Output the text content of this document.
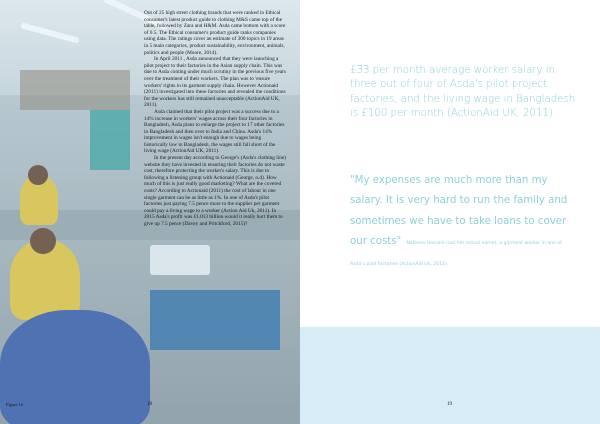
Out of 25 high street clothing brands that were ranked in Ethical consumer's latest product guide to clothing M&S came top of the table, followed by Zara and H&M. Asda came bottom with a score of 0.5. The Ethical consumer's product guide ranks companies using data. The ratings cover an estimate of 300 topics in 19 areas in 5 main categories, product sustainability, environment, animals, politics and people (Moore, 2014).

In April 2011 , Asda announced that they were launching a pilot project to their factories in the Asian supply chain. This was due to Asda coming under much scrutiny in the previous five years over the treatment of their workers. The plan was to 'ensure workers' rights in its garment supply chain. However Actionaid (2011) investigated into these factories and revealed the conditions for the workers has still remained unacceptable (ActionAid UK, 2011).

Asda claimed that their pilot project was a success due to a 14% increase in workers' wages across their four factories in Bangladesh, Asda plans to enlarge the project to 17 other factories in Bangladesh and then over to India and China. Asda's 14% improvement in wages isn't enough due to wages being historically low in Bangladesh, the wages still fall short of the living wage (ActionAid UK, 2011).

In the present day according to George's (Asda's clothing line) website they have invested in ensuring their factories do not waste cost, therefore protecting the worker's salary. This is due to following a listening group with Actionaid (George, n.d). How much of this is just really good marketing? What are the covered costs? According to Actionaid (2011) the cost of labour in one single garment can be as little as 1%. In one of Asda's pilot factories just paying 7.5 pence more to the supplier per garment could pay a living wage to a worker (Action Aid Uk, 2011). In 2015 Asda's profit was £1.013 billion would it really hurt them to give up 7.5 pence (Davey and Pritchford, 2015)?

Figure 16	18
£33 per month average worker salary in three out of four of Asda's pilot project factories, and the living wage in Bangladesh is £100 per month (ActionAid UK, 2011).
"My expenses are much more than my salary. It is very hard to run the family and sometimes we have to take loans to cover our costs" Nafeesa Hossain (not her actual name), a garment worker in one of Asda's pilot factories (ActionAid Uk, 2011).
19
